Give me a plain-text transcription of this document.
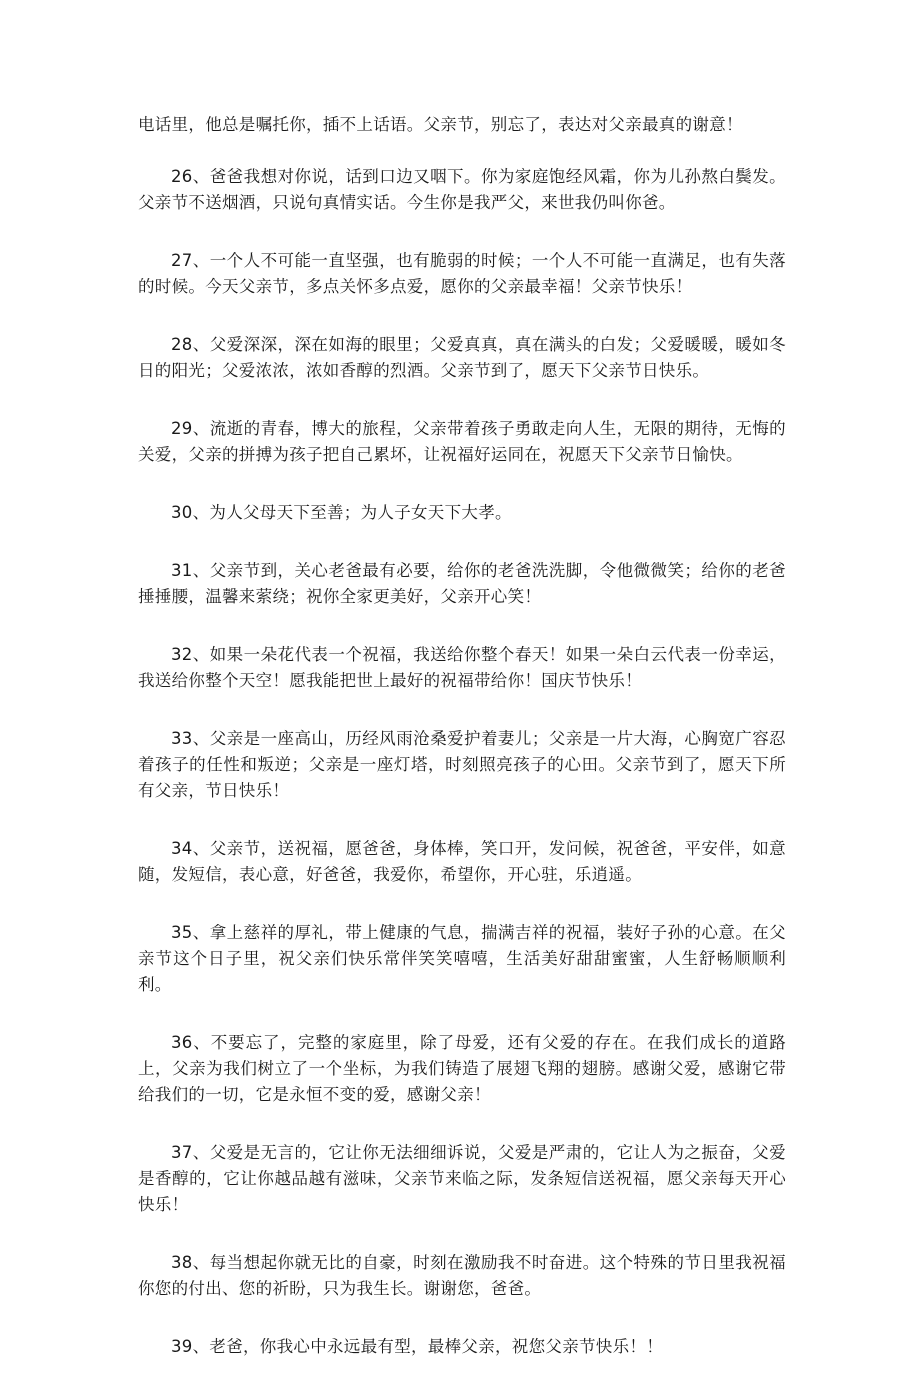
电话里，他总是嘱托你，插不上话语。父亲节，别忘了，表达对父亲最真的谢意！

26、爸爸我想对你说，话到口边又咽下。你为家庭饱经风霜，你为儿孙熬白鬓发。父亲节不送烟酒，只说句真情实话。今生你是我严父，来世我仍叫你爸。

27、一个人不可能一直坚强，也有脆弱的时候；一个人不可能一直满足，也有失落的时候。今天父亲节，多点关怀多点爱，愿你的父亲最幸福！父亲节快乐！

28、父爱深深，深在如海的眼里；父爱真真，真在满头的白发；父爱暖暖，暖如冬日的阳光；父爱浓浓，浓如香醇的烈酒。父亲节到了，愿天下父亲节日快乐。

29、流逝的青春，博大的旅程，父亲带着孩子勇敢走向人生，无限的期待，无悔的关爱，父亲的拼搏为孩子把自己累坏，让祝福好运同在，祝愿天下父亲节日愉快。

30、为人父母天下至善；为人子女天下大孝。

31、父亲节到，关心老爸最有必要，给你的老爸洗洗脚，令他微微笑；给你的老爸捶捶腰，温馨来萦绕；祝你全家更美好，父亲开心笑！

32、如果一朵花代表一个祝福，我送给你整个春天！如果一朵白云代表一份幸运，我送给你整个天空！愿我能把世上最好的祝福带给你！国庆节快乐！

33、父亲是一座高山，历经风雨沧桑爱护着妻儿；父亲是一片大海，心胸宽广容忍着孩子的任性和叛逆；父亲是一座灯塔，时刻照亮孩子的心田。父亲节到了，愿天下所有父亲，节日快乐！

34、父亲节，送祝福，愿爸爸，身体棒，笑口开，发问候，祝爸爸，平安伴，如意随，发短信，表心意，好爸爸，我爱你，希望你，开心驻，乐逍遥。

35、拿上慈祥的厚礼，带上健康的气息，揣满吉祥的祝福，装好子孙的心意。在父亲节这个日子里，祝父亲们快乐常伴笑笑嘻嘻，生活美好甜甜蜜蜜，人生舒畅顺顺利利。

36、不要忘了，完整的家庭里，除了母爱，还有父爱的存在。在我们成长的道路上，父亲为我们树立了一个坐标，为我们铸造了展翅飞翔的翅膀。感谢父爱，感谢它带给我们的一切，它是永恒不变的爱，感谢父亲！

37、父爱是无言的，它让你无法细细诉说，父爱是严肃的，它让人为之振奋，父爱是香醇的，它让你越品越有滋味，父亲节来临之际，发条短信送祝福，愿父亲每天开心快乐！

38、每当想起你就无比的自豪，时刻在激励我不时奋进。这个特殊的节日里我祝福你您的付出、您的祈盼，只为我生长。谢谢您，爸爸。

39、老爸，你我心中永远最有型，最棒父亲，祝您父亲节快乐！！
